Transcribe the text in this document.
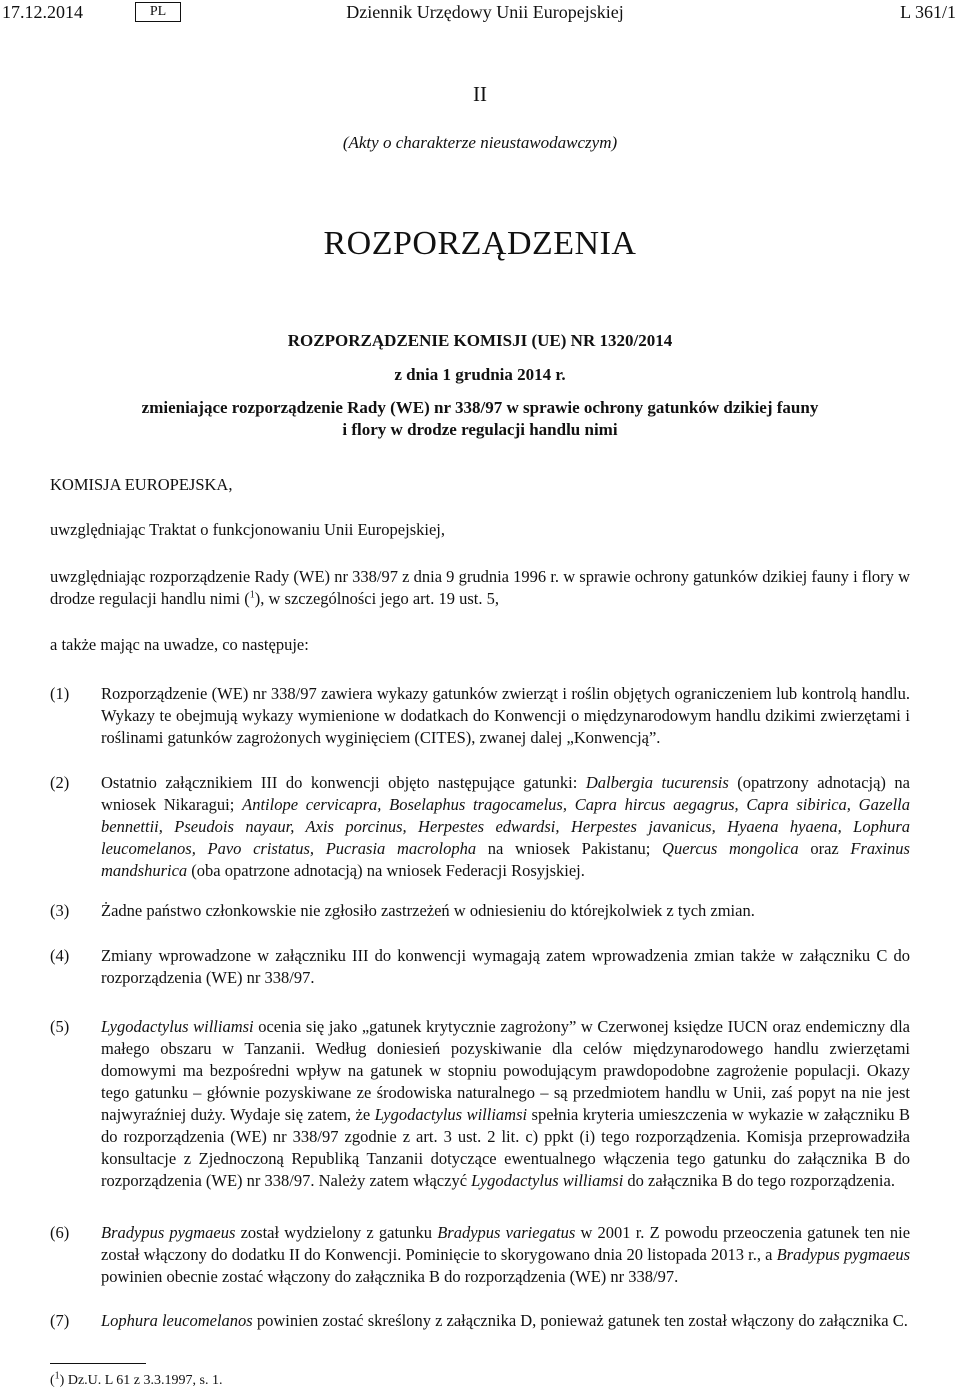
17.12.2014	PL	Dziennik Urzędowy Unii Europejskiej	L 361/1
II
(Akty o charakterze nieustawodawczym)
ROZPORZĄDZENIA
ROZPORZĄDZENIE KOMISJI (UE) NR 1320/2014
z dnia 1 grudnia 2014 r.
zmieniające rozporządzenie Rady (WE) nr 338/97 w sprawie ochrony gatunków dzikiej fauny
i flory w drodze regulacji handlu nimi
KOMISJA EUROPEJSKA,
uwzględniając Traktat o funkcjonowaniu Unii Europejskiej,
uwzględniając rozporządzenie Rady (WE) nr 338/97 z dnia 9 grudnia 1996 r. w sprawie ochrony gatunków dzikiej fauny i flory w drodze regulacji handlu nimi ($^1$), w szczególności jego art. 19 ust. 5,
a także mając na uwadze, co następuje:
(1)	Rozporządzenie (WE) nr 338/97 zawiera wykazy gatunków zwierząt i roślin objętych ograniczeniem lub kontrolą handlu. Wykazy te obejmują wykazy wymienione w dodatkach do Konwencji o międzynarodowym handlu dzikimi zwierzętami i roślinami gatunków zagrożonych wyginięciem (CITES), zwanej dalej „Konwencją”.
(2)	Ostatnio załącznikiem III do konwencji objęto następujące gatunki: Dalbergia tucurensis (opatrzony adnotacją) na wniosek Nikaragui; Antilope cervicapra, Boselaphus tragocamelus, Capra hircus aegagrus, Capra sibirica, Gazella bennettii, Pseudois nayaur, Axis porcinus, Herpestes edwardsi, Herpestes javanicus, Hyaena hyaena, Lophura leucomelanos, Pavo cristatus, Pucrasia macrolopha na wniosek Pakistanu; Quercus mongolica oraz Fraxinus mandshurica (oba opatrzone adnotacją) na wniosek Federacji Rosyjskiej.
(3)	Żadne państwo członkowskie nie zgłosiło zastrzeżeń w odniesieniu do którejkolwiek z tych zmian.
(4)	Zmiany wprowadzone w załączniku III do konwencji wymagają zatem wprowadzenia zmian także w załączniku C do rozporządzenia (WE) nr 338/97.
(5)	Lygodactylus williamsi ocenia się jako „gatunek krytycznie zagrożony” w Czerwonej księdze IUCN oraz endemiczny dla małego obszaru w Tanzanii. Według doniesień pozyskiwanie dla celów międzynarodowego handlu zwierzętami domowymi ma bezpośredni wpływ na gatunek w stopniu powodującym prawdopodobne zagrożenie populacji. Okazy tego gatunku – głównie pozyskiwane ze środowiska naturalnego – są przedmiotem handlu w Unii, zaś popyt na nie jest najwyraźniej duży. Wydaje się zatem, że Lygodactylus williamsi spełnia kryteria umieszczenia w wykazie w załączniku B do rozporządzenia (WE) nr 338/97 zgodnie z art. 3 ust. 2 lit. c) ppkt (i) tego rozporządzenia. Komisja przeprowadziła konsultacje z Zjednoczoną Republiką Tanzanii dotyczące ewentualnego włączenia tego gatunku do załącznika B do rozporządzenia (WE) nr 338/97. Należy zatem włączyć Lygodactylus williamsi do załącznika B do tego rozporządzenia.
(6)	Bradypus pygmaeus został wydzielony z gatunku Bradypus variegatus w 2001 r. Z powodu przeoczenia gatunek ten nie został włączony do dodatku II do Konwencji. Pominięcie to skorygowano dnia 20 listopada 2013 r., a Bradypus pygmaeus powinien obecnie zostać włączony do załącznika B do rozporządzenia (WE) nr 338/97.
(7)	Lophura leucomelanos powinien zostać skreślony z załącznika D, ponieważ gatunek ten został włączony do załącznika C.
($^1$) Dz.U. L 61 z 3.3.1997, s. 1.
